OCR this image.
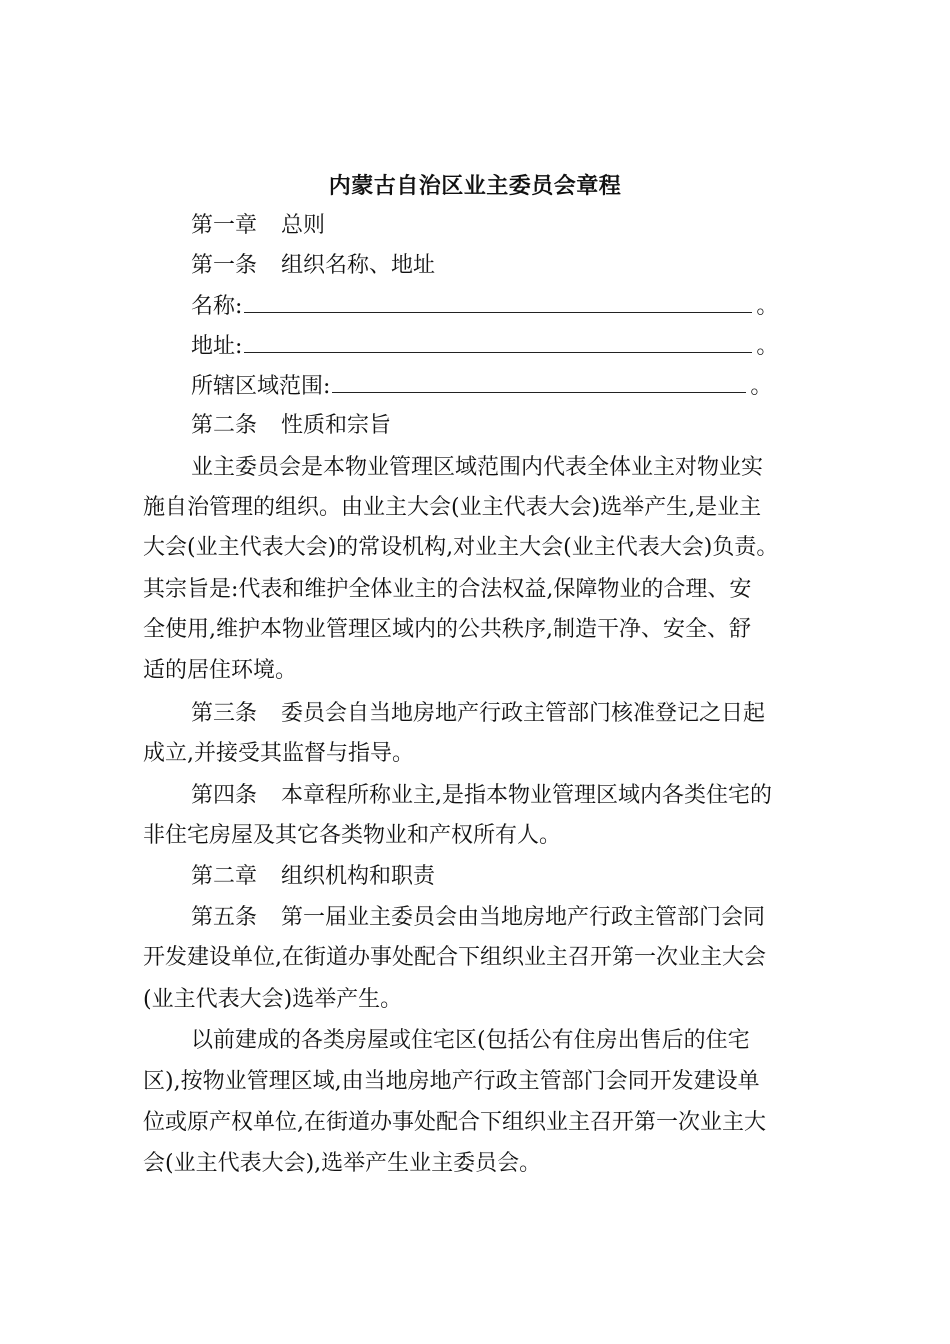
内蒙古自治区业主委员会章程
第一章 总则
第一条 组织名称、地址
名称:	。
地址:	。
所辖区域范围:	。
第二条 性质和宗旨
业主委员会是本物业管理区域范围内代表全体业主对物业实
施自治管理的组织。由业主大会(业主代表大会)选举产生,是业主
大会(业主代表大会)的常设机构,对业主大会(业主代表大会)负责。
其宗旨是:代表和维护全体业主的合法权益,保障物业的合理、安
全使用,维护本物业管理区域内的公共秩序,制造干净、安全、舒
适的居住环境。
第三条 委员会自当地房地产行政主管部门核准登记之日起
成立,并接受其监督与指导。
第四条 本章程所称业主,是指本物业管理区域内各类住宅的
非住宅房屋及其它各类物业和产权所有人。
第二章 组织机构和职责
第五条 第一届业主委员会由当地房地产行政主管部门会同
开发建设单位,在街道办事处配合下组织业主召开第一次业主大会
(业主代表大会)选举产生。
以前建成的各类房屋或住宅区(包括公有住房出售后的住宅
区),按物业管理区域,由当地房地产行政主管部门会同开发建设单
位或原产权单位,在街道办事处配合下组织业主召开第一次业主大
会(业主代表大会),选举产生业主委员会。
